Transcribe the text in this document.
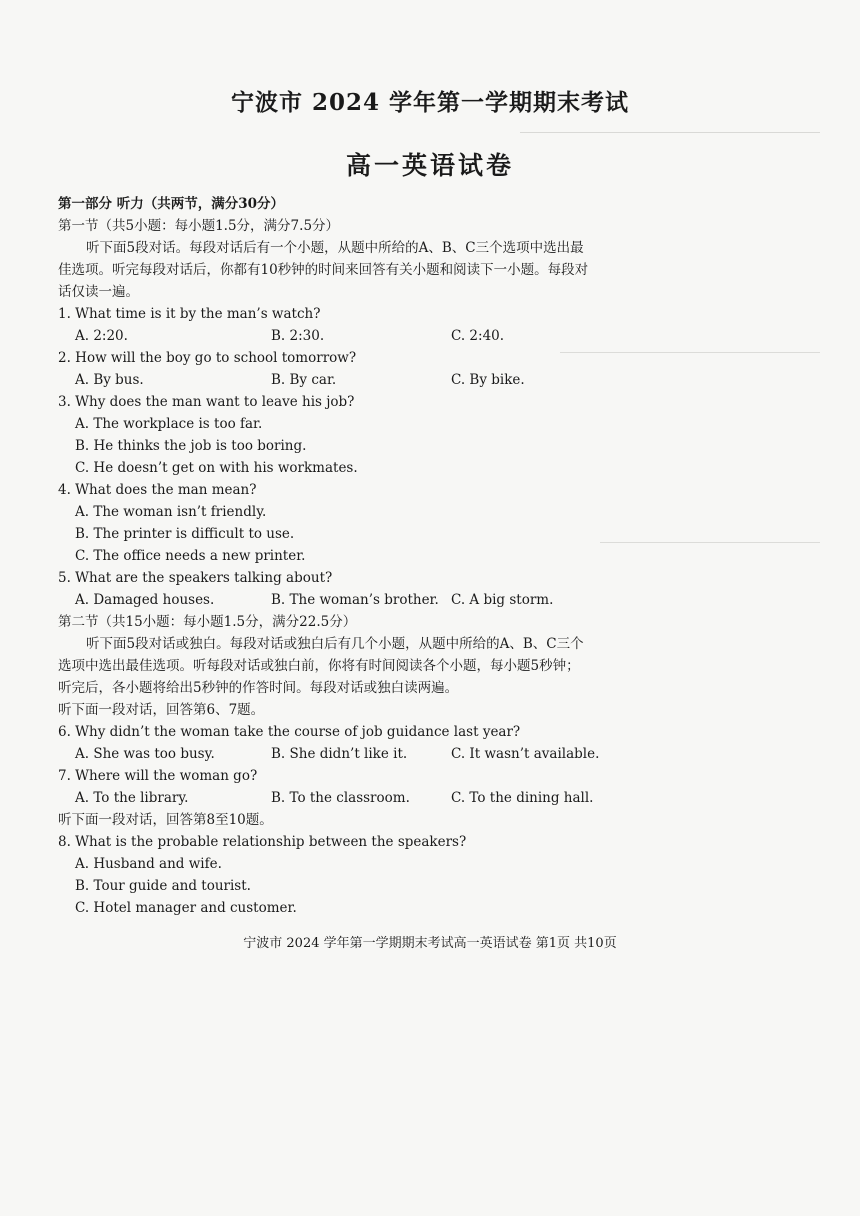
宁波市 2024 学年第一学期期末考试
高一英语试卷
第一部分 听力（共两节，满分30分）
第一节（共5小题：每小题1.5分，满分7.5分）
听下面5段对话。每段对话后有一个小题，从题中所给的A、B、C三个选项中选出最
佳选项。听完每段对话后，你都有10秒钟的时间来回答有关小题和阅读下一小题。每段对
话仅读一遍。
1. What time is it by the man’s watch?
A. 2:20.	B. 2:30.	C. 2:40.
2. How will the boy go to school tomorrow?
A. By bus.	B. By car.	C. By bike.
3. Why does the man want to leave his job?
A. The workplace is too far.
B. He thinks the job is too boring.
C. He doesn’t get on with his workmates.
4. What does the man mean?
A. The woman isn’t friendly.
B. The printer is difficult to use.
C. The office needs a new printer.
5. What are the speakers talking about?
A. Damaged houses.	B. The woman’s brother. C. A big storm.
第二节（共15小题：每小题1.5分，满分22.5分）
听下面5段对话或独白。每段对话或独白后有几个小题，从题中所给的A、B、C三个
选项中选出最佳选项。听每段对话或独白前，你将有时间阅读各个小题，每小题5秒钟；
听完后，各小题将给出5秒钟的作答时间。每段对话或独白读两遍。
听下面一段对话，回答第6、7题。
6. Why didn’t the woman take the course of job guidance last year?
A. She was too busy.	B. She didn’t like it.	C. It wasn’t available.
7. Where will the woman go?
A. To the library.	B. To the classroom.	C. To the dining hall.
听下面一段对话，回答第8至10题。
8. What is the probable relationship between the speakers?
A. Husband and wife.
B. Tour guide and tourist.
C. Hotel manager and customer.
宁波市 2024 学年第一学期期末考试高一英语试卷 第1页 共10页
